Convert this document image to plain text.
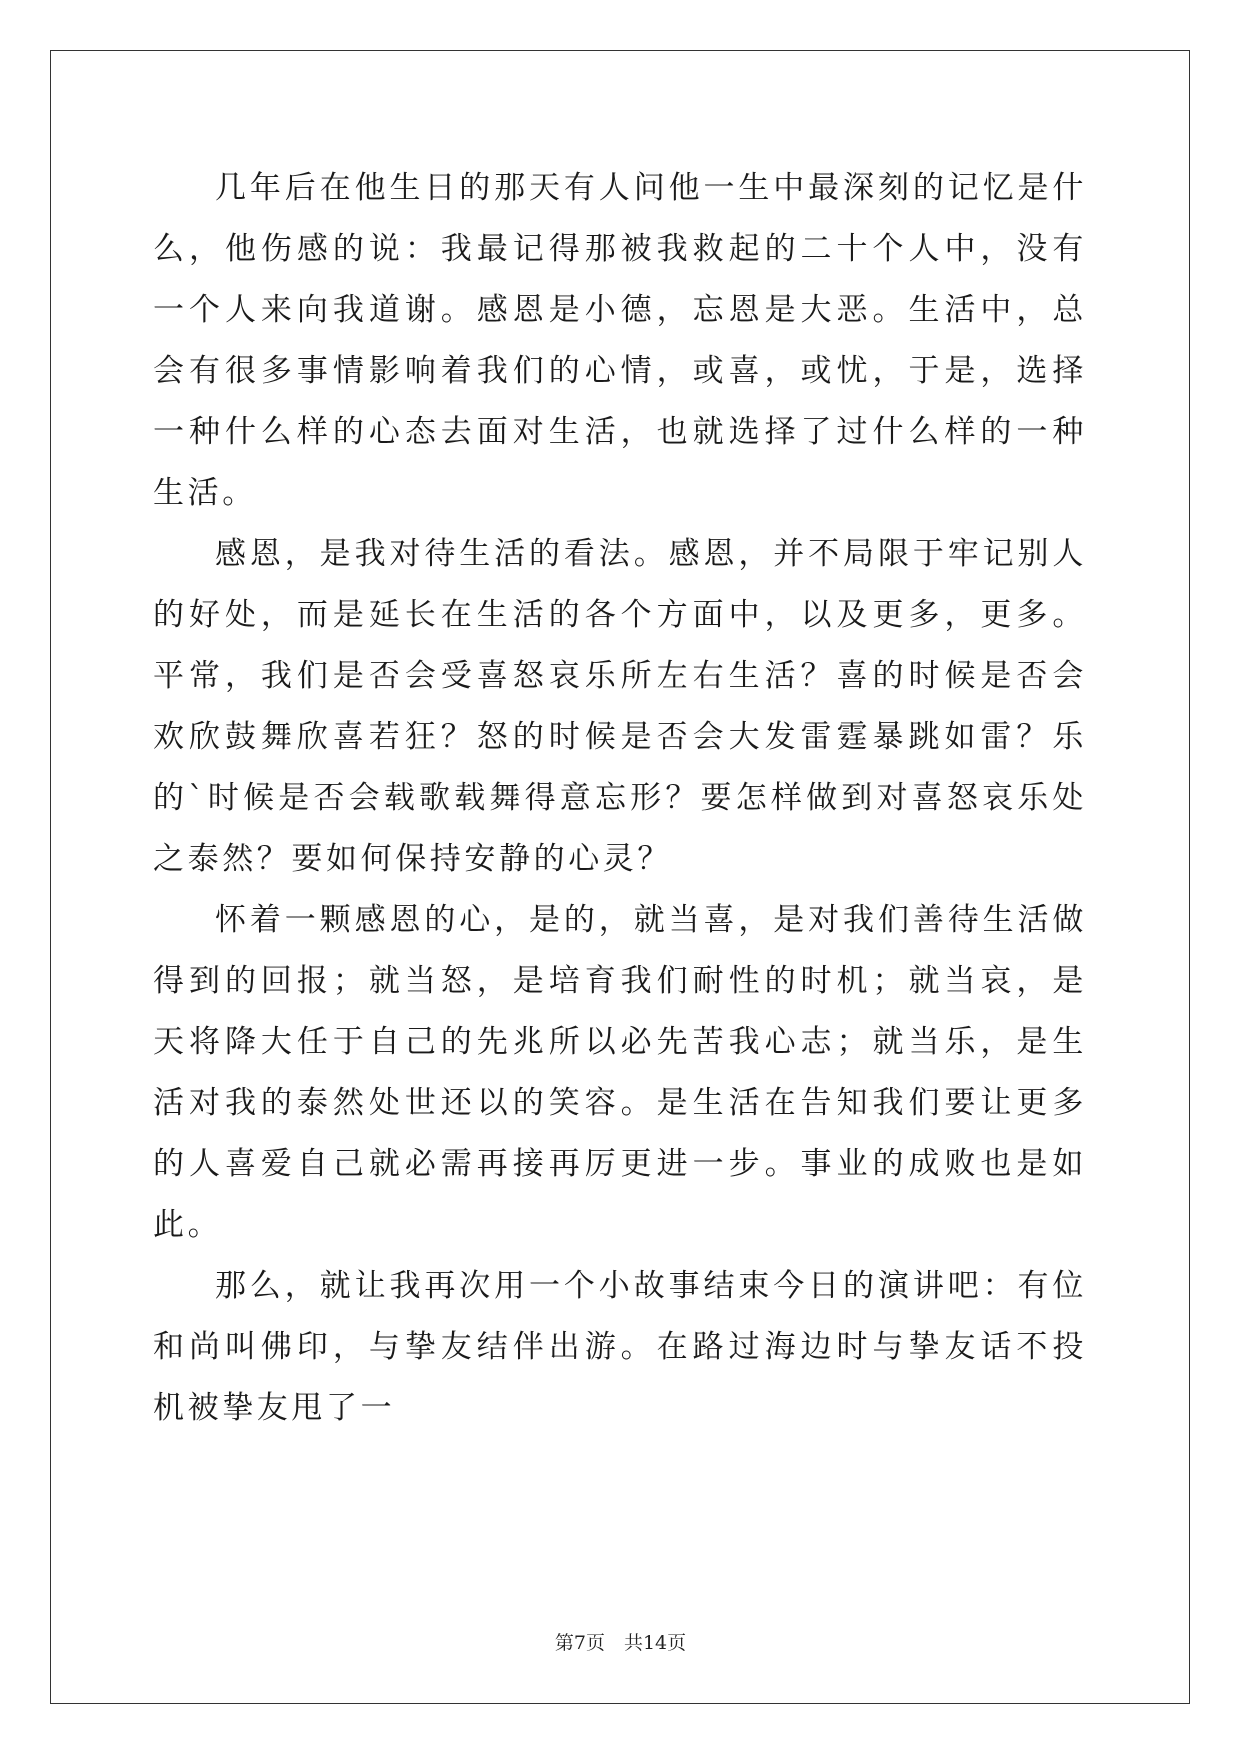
几年后在他生日的那天有人问他一生中最深刻的记忆是什么，他伤感的说：我最记得那被我救起的二十个人中，没有一个人来向我道谢。感恩是小德，忘恩是大恶。生活中，总会有很多事情影响着我们的心情，或喜，或忧，于是，选择一种什么样的心态去面对生活，也就选择了过什么样的一种生活。

感恩，是我对待生活的看法。感恩，并不局限于牢记别人的好处，而是延长在生活的各个方面中，以及更多，更多。平常，我们是否会受喜怒哀乐所左右生活？喜的时候是否会欢欣鼓舞欣喜若狂？怒的时候是否会大发雷霆暴跳如雷？乐的`时候是否会载歌载舞得意忘形？要怎样做到对喜怒哀乐处之泰然？要如何保持安静的心灵？

怀着一颗感恩的心，是的，就当喜，是对我们善待生活做得到的回报；就当怒，是培育我们耐性的时机；就当哀，是天将降大任于自己的先兆所以必先苦我心志；就当乐，是生活对我的泰然处世还以的笑容。是生活在告知我们要让更多的人喜爱自己就必需再接再厉更进一步。事业的成败也是如此。

那么，就让我再次用一个小故事结束今日的演讲吧：有位和尚叫佛印，与挚友结伴出游。在路过海边时与挚友话不投机被挚友甩了一

第7页　共14页
